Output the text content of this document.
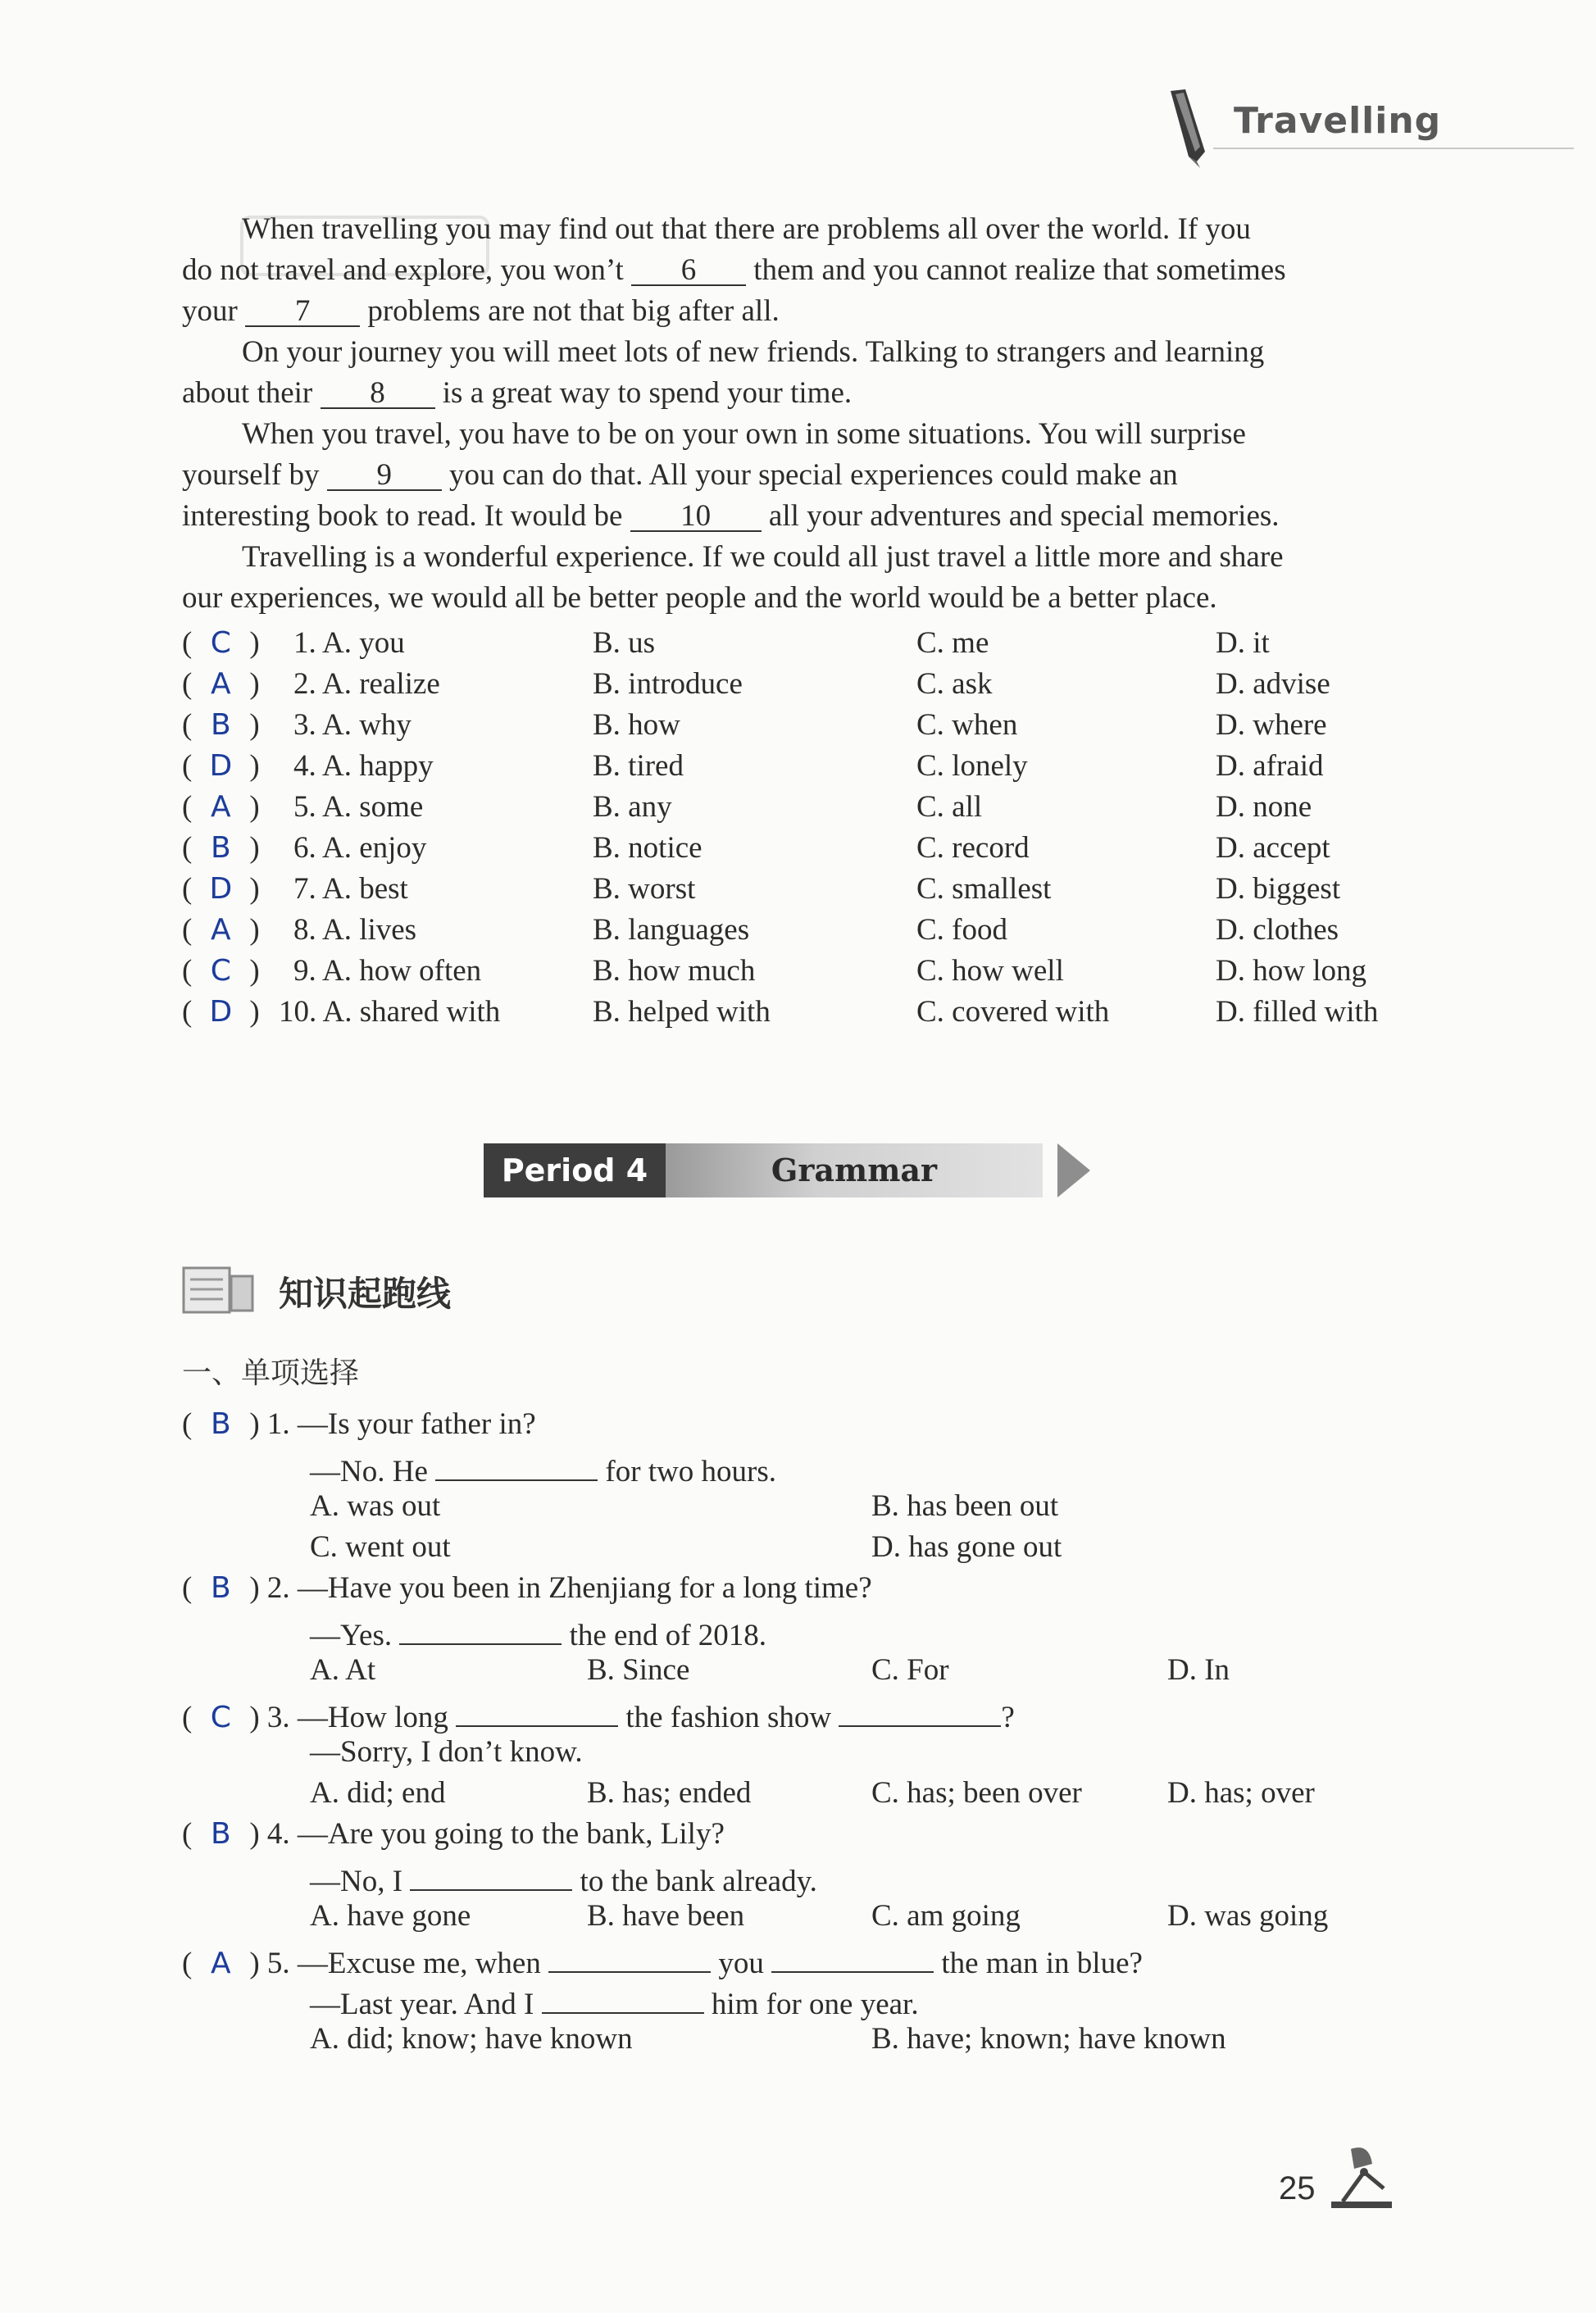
Travelling
When travelling you may find out that there are problems all over the world. If you
do not travel and explore, you won’t 6 them and you cannot realize that sometimes
your 7 problems are not that big after all.
On your journey you will meet lots of new friends. Talking to strangers and learning
about their 8 is a great way to spend your time.
When you travel, you have to be on your own in some situations. You will surprise
yourself by 9 you can do that. All your special experiences could make an
interesting book to read. It would be 10 all your adventures and special memories.
Travelling is a wonderful experience. If we could all just travel a little more and share
our experiences, we would all be better people and the world would be a better place.
( C ) 1. A. you	B. us	C. me	D. it
( A ) 2. A. realize	B. introduce	C. ask	D. advise
( B ) 3. A. why	B. how	C. when	D. where
( D ) 4. A. happy	B. tired	C. lonely	D. afraid
( A ) 5. A. some	B. any	C. all	D. none
( B ) 6. A. enjoy	B. notice	C. record	D. accept
( D ) 7. A. best	B. worst	C. smallest	D. biggest
( A ) 8. A. lives	B. languages	C. food	D. clothes
( C ) 9. A. how often	B. how much	C. how well	D. how long
( D ) 10. A. shared with	B. helped with	C. covered with	D. filled with
Period 4	Grammar
知识起跑线
一、单项选择
( B ) 1. —Is your father in?
—No. He	for two hours.
A. was out	B. has been out
C. went out	D. has gone out
( B ) 2. —Have you been in Zhenjiang for a long time?
—Yes.	the end of 2018.
A. At	B. Since	C. For	D. In
( C ) 3. —How long	the fashion show	?
—Sorry, I don’t know.
A. did; end	B. has; ended	C. has; been over	D. has; over
( B ) 4. —Are you going to the bank, Lily?
—No, I	to the bank already.
A. have gone	B. have been	C. am going	D. was going
( A ) 5. —Excuse me, when	you	the man in blue?
—Last year. And I	him for one year.
A. did; know; have known	B. have; known; have known
25
